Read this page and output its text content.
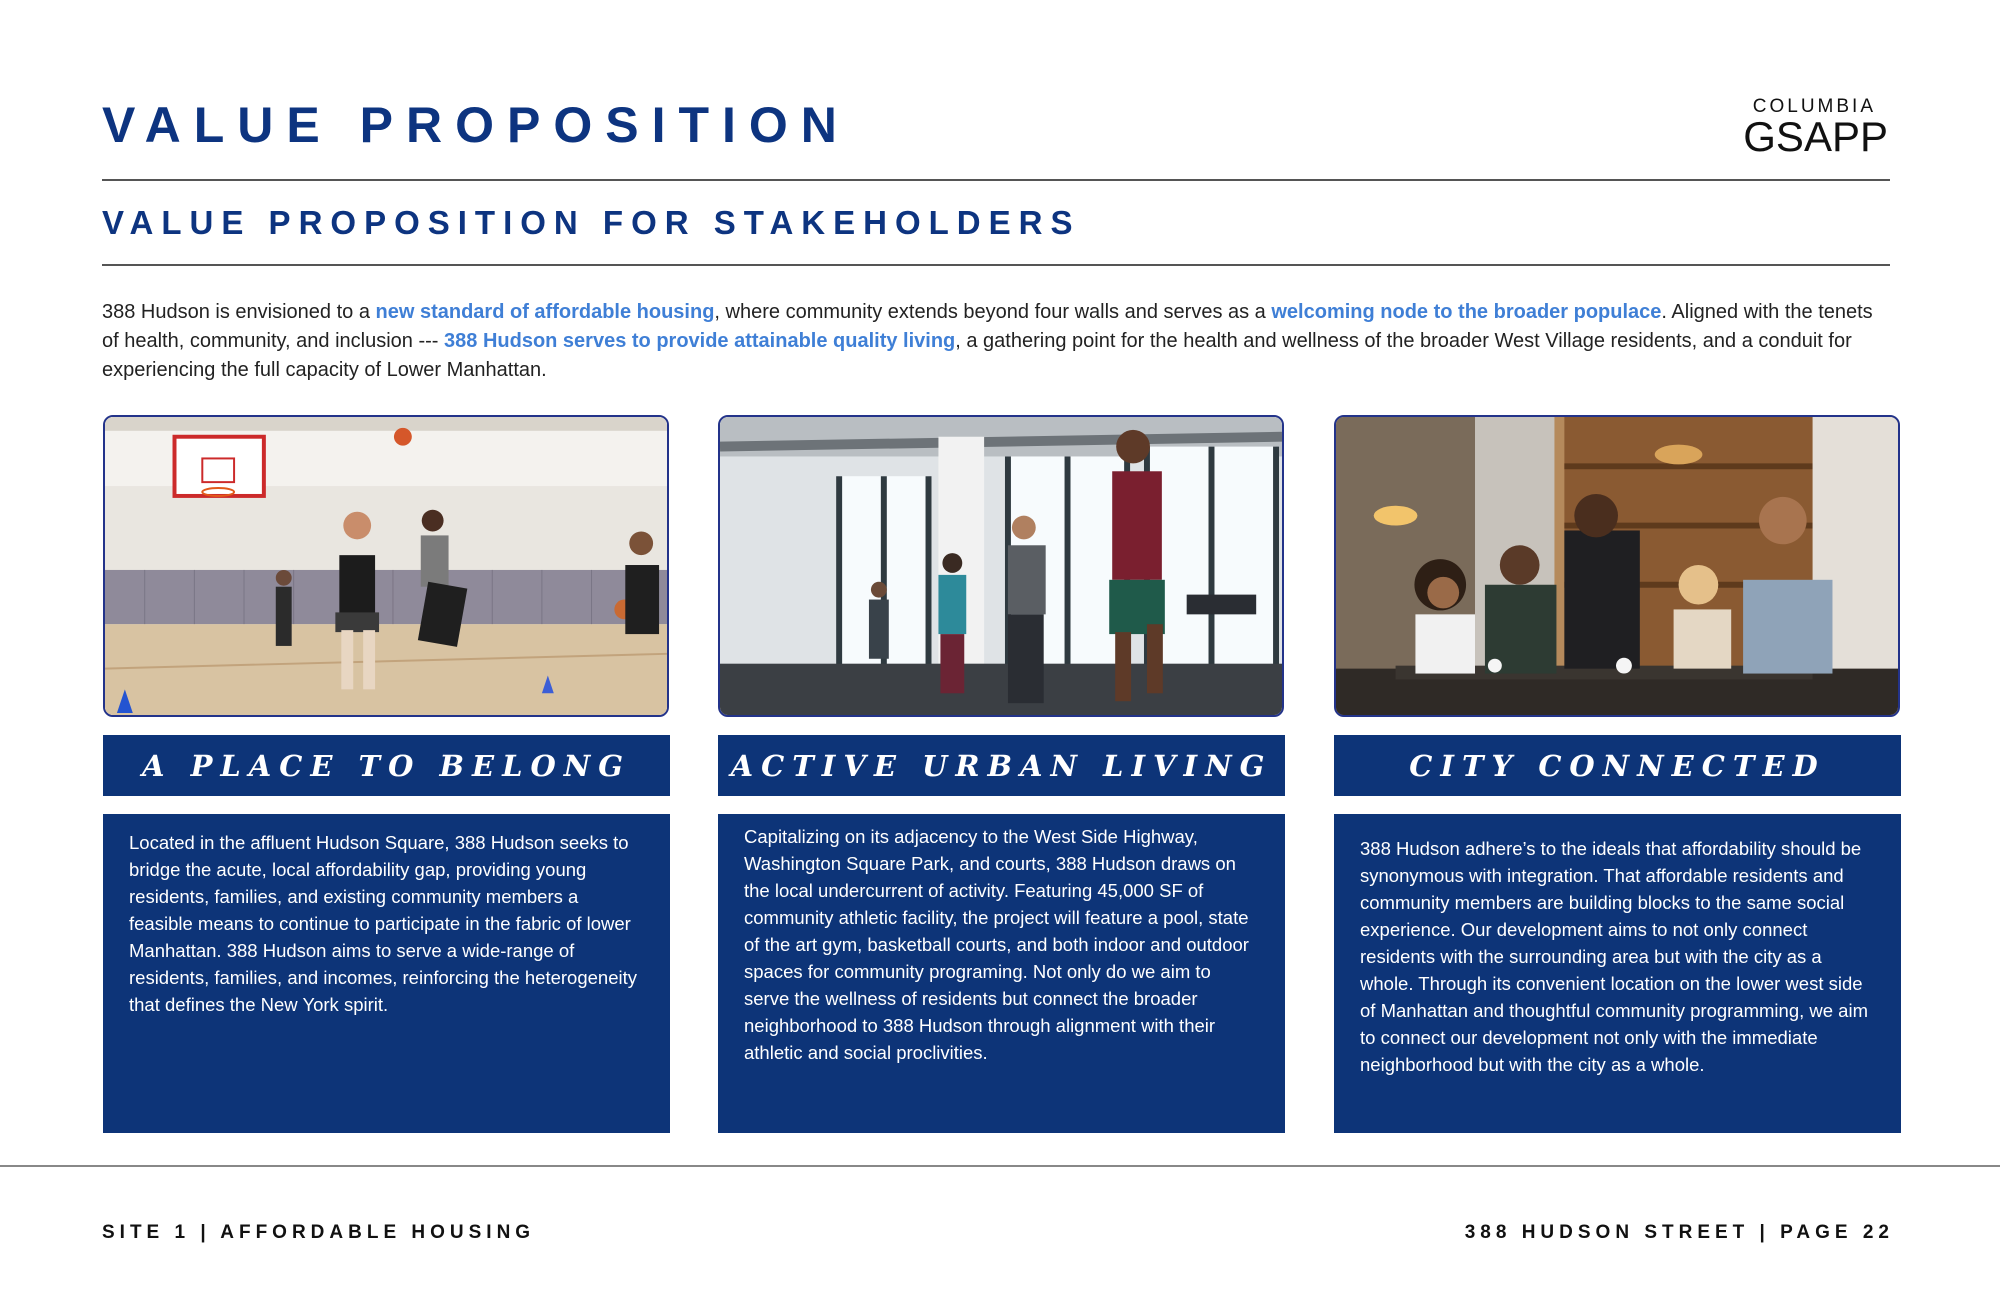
VALUE PROPOSITION	COLUMBIA
GSAPP
VALUE PROPOSITION FOR STAKEHOLDERS

388 Hudson is envisioned to a new standard of affordable housing, where community extends beyond four walls and serves as a welcoming node to the broader populace. Aligned with the tenets of health, community, and inclusion --- 388 Hudson serves to provide attainable quality living, a gathering point for the health and wellness of the broader West Village residents, and a conduit for experiencing the full capacity of Lower Manhattan.

A PLACE TO BELONG	ACTIVE URBAN LIVING	CITY CONNECTED

Located in the affluent Hudson Square, 388 Hudson seeks to bridge the acute, local affordability gap, providing young residents, families, and existing community members a feasible means to continue to participate in the fabric of lower Manhattan. 388 Hudson aims to serve a wide-range of residents, families, and incomes, reinforcing the heterogeneity that defines the New York spirit.

Capitalizing on its adjacency to the West Side Highway, Washington Square Park, and courts, 388 Hudson draws on the local undercurrent of activity. Featuring 45,000 SF of community athletic facility, the project will feature a pool, state of the art gym, basketball courts, and both indoor and outdoor spaces for community programing. Not only do we aim to serve the wellness of residents but connect the broader neighborhood to 388 Hudson through alignment with their athletic and social proclivities.

388 Hudson adhere’s to the ideals that affordability should be synonymous with integration. That affordable residents and community members are building blocks to the same social experience. Our development aims to not only connect residents with the surrounding area but with the city as a whole. Through its convenient location on the lower west side of Manhattan and thoughtful community programming, we aim to connect our development not only with the immediate neighborhood but with the city as a whole.

SITE 1 | AFFORDABLE HOUSING	388 HUDSON STREET | PAGE 22
